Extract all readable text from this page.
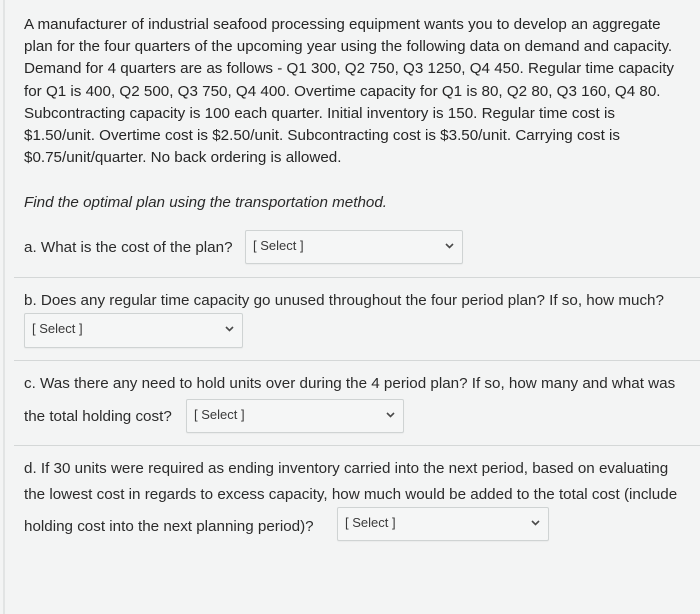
A manufacturer of industrial seafood processing equipment wants you to develop an aggregate
plan for the four quarters of the upcoming year using the following data on demand and capacity.
Demand for 4 quarters are as follows - Q1 300, Q2 750, Q3 1250, Q4 450. Regular time capacity
for Q1 is 400, Q2 500, Q3 750, Q4 400. Overtime capacity for Q1 is 80, Q2 80, Q3 160, Q4 80.
Subcontracting capacity is 100 each quarter. Initial inventory is 150. Regular time cost is
$1.50/unit. Overtime cost is $2.50/unit. Subcontracting cost is $3.50/unit. Carrying cost is
$0.75/unit/quarter. No back ordering is allowed.
Find the optimal plan using the transportation method.
a. What is the cost of the plan?	[ Select ]
b. Does any regular time capacity go unused throughout the four period plan? If so, how much?
[ Select ]
c. Was there any need to hold units over during the 4 period plan? If so, how many and what was
the total holding cost?	[ Select ]
d. If 30 units were required as ending inventory carried into the next period, based on evaluating
the lowest cost in regards to excess capacity, how much would be added to the total cost (include
holding cost into the next planning period)?	[ Select ]
